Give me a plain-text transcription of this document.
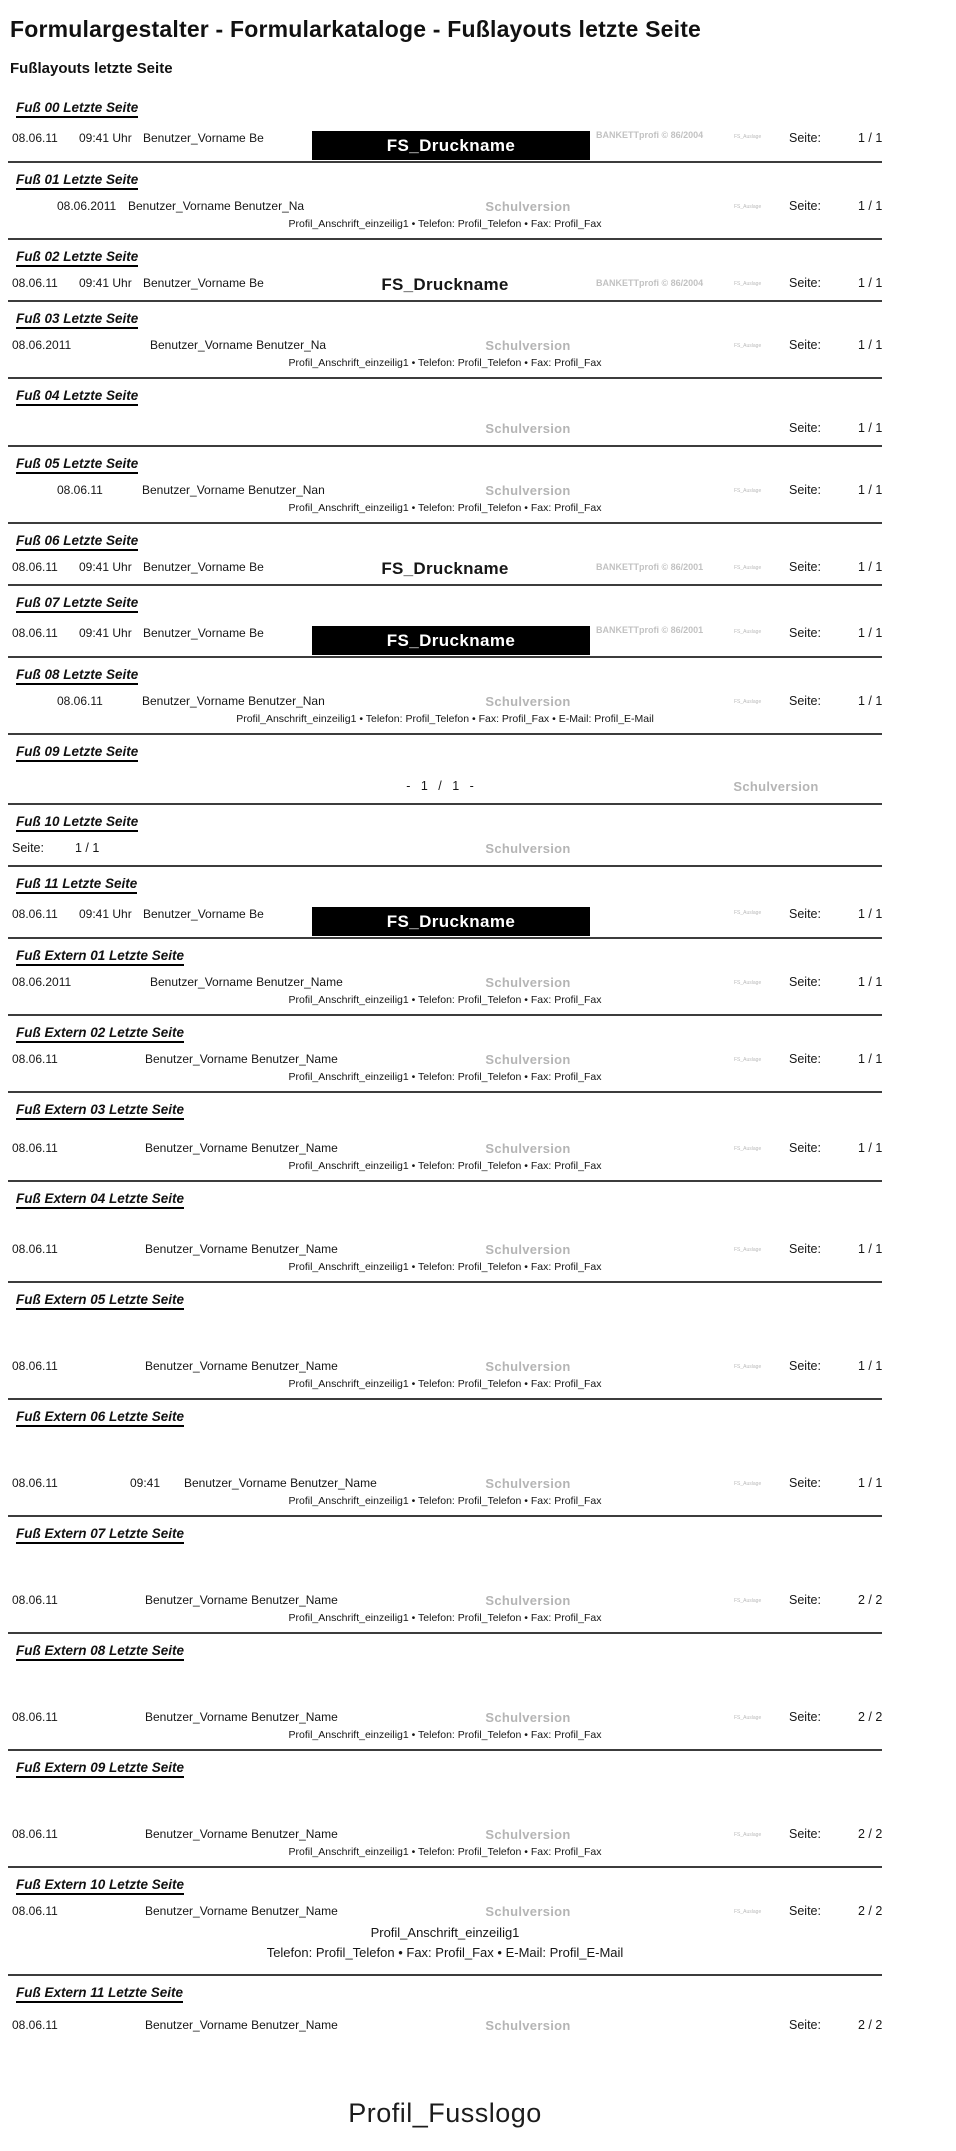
Formulargestalter - Formularkataloge - Fußlayouts letzte Seite
Fußlayouts letzte Seite
Fuß 00 Letzte Seite
08.06.11 09:41 Uhr Benutzer_Vorname Be	FS_Druckname
BANKETTprofi © 86/2004	FS_Auslage Seite:	1 / 1
Fuß 01 Letzte Seite
08.06.2011 Benutzer_Vorname Benutzer_Na	Schulversion	FS_Auslage Seite:	1 / 1
Profil_Anschrift_einzeilig1 • Telefon: Profil_Telefon • Fax: Profil_Fax
Fuß 02 Letzte Seite
08.06.11 09:41 Uhr Benutzer_Vorname Be	FS_Druckname	BANKETTprofi © 86/2004	FS_Auslage Seite:	1 / 1
Fuß 03 Letzte Seite
08.06.2011	Benutzer_Vorname Benutzer_Na	Schulversion	FS_Auslage Seite:	1 / 1
Profil_Anschrift_einzeilig1 • Telefon: Profil_Telefon • Fax: Profil_Fax
Fuß 04 Letzte Seite
Schulversion	Seite:	1 / 1
Fuß 05 Letzte Seite
08.06.11	Benutzer_Vorname Benutzer_Nan	Schulversion	FS_Auslage Seite:	1 / 1
Profil_Anschrift_einzeilig1 • Telefon: Profil_Telefon • Fax: Profil_Fax
Fuß 06 Letzte Seite
08.06.11 09:41 Uhr Benutzer_Vorname Be	FS_Druckname	BANKETTprofi © 86/2001	FS_Auslage Seite:	1 / 1
Fuß 07 Letzte Seite
08.06.11 09:41 Uhr Benutzer_Vorname Be	FS_Druckname
BANKETTprofi © 86/2001	FS_Auslage Seite:	1 / 1
Fuß 08 Letzte Seite
08.06.11	Benutzer_Vorname Benutzer_Nan	Schulversion	FS_Auslage Seite:	1 / 1
Profil_Anschrift_einzeilig1 • Telefon: Profil_Telefon • Fax: Profil_Fax • E-Mail: Profil_E-Mail
Fuß 09 Letzte Seite
- 1 / 1 -	Schulversion
Fuß 10 Letzte Seite
Seite: 1 / 1	Schulversion
Fuß 11 Letzte Seite
08.06.11 09:41 Uhr Benutzer_Vorname Be	FS_Druckname	FS_Auslage Seite:	1 / 1
Fuß Extern 01 Letzte Seite
08.06.2011	Benutzer_Vorname Benutzer_Name	Schulversion	FS_Auslage Seite:	1 / 1
Profil_Anschrift_einzeilig1 • Telefon: Profil_Telefon • Fax: Profil_Fax
Fuß Extern 02 Letzte Seite
08.06.11	Benutzer_Vorname Benutzer_Name	Schulversion	FS_Auslage Seite:	1 / 1
Profil_Anschrift_einzeilig1 • Telefon: Profil_Telefon • Fax: Profil_Fax
Fuß Extern 03 Letzte Seite
08.06.11	Benutzer_Vorname Benutzer_Name	Schulversion	FS_Auslage Seite:	1 / 1
Profil_Anschrift_einzeilig1 • Telefon: Profil_Telefon • Fax: Profil_Fax
Fuß Extern 04 Letzte Seite
08.06.11	Benutzer_Vorname Benutzer_Name	Schulversion	FS_Auslage Seite:	1 / 1
Profil_Anschrift_einzeilig1 • Telefon: Profil_Telefon • Fax: Profil_Fax
Fuß Extern 05 Letzte Seite
08.06.11	Benutzer_Vorname Benutzer_Name	Schulversion	FS_Auslage Seite:	1 / 1
Profil_Anschrift_einzeilig1 • Telefon: Profil_Telefon • Fax: Profil_Fax
Fuß Extern 06 Letzte Seite
08.06.11	09:41 Benutzer_Vorname Benutzer_Name	Schulversion	FS_Auslage Seite:	1 / 1
Profil_Anschrift_einzeilig1 • Telefon: Profil_Telefon • Fax: Profil_Fax
Fuß Extern 07 Letzte Seite
08.06.11	Benutzer_Vorname Benutzer_Name	Schulversion	FS_Auslage Seite:	2 / 2
Profil_Anschrift_einzeilig1 • Telefon: Profil_Telefon • Fax: Profil_Fax
Fuß Extern 08 Letzte Seite
08.06.11	Benutzer_Vorname Benutzer_Name	Schulversion	FS_Auslage Seite:	2 / 2
Profil_Anschrift_einzeilig1 • Telefon: Profil_Telefon • Fax: Profil_Fax
Fuß Extern 09 Letzte Seite
08.06.11	Benutzer_Vorname Benutzer_Name	Schulversion	FS_Auslage Seite:	2 / 2
Profil_Anschrift_einzeilig1 • Telefon: Profil_Telefon • Fax: Profil_Fax
Fuß Extern 10 Letzte Seite
08.06.11	Benutzer_Vorname Benutzer_Name	Schulversion	FS_Auslage Seite:	2 / 2
Profil_Anschrift_einzeilig1
Telefon: Profil_Telefon • Fax: Profil_Fax • E-Mail: Profil_E-Mail
Fuß Extern 11 Letzte Seite
08.06.11	Benutzer_Vorname Benutzer_Name	Schulversion	Seite:	2 / 2
Profil_Fusslogo
